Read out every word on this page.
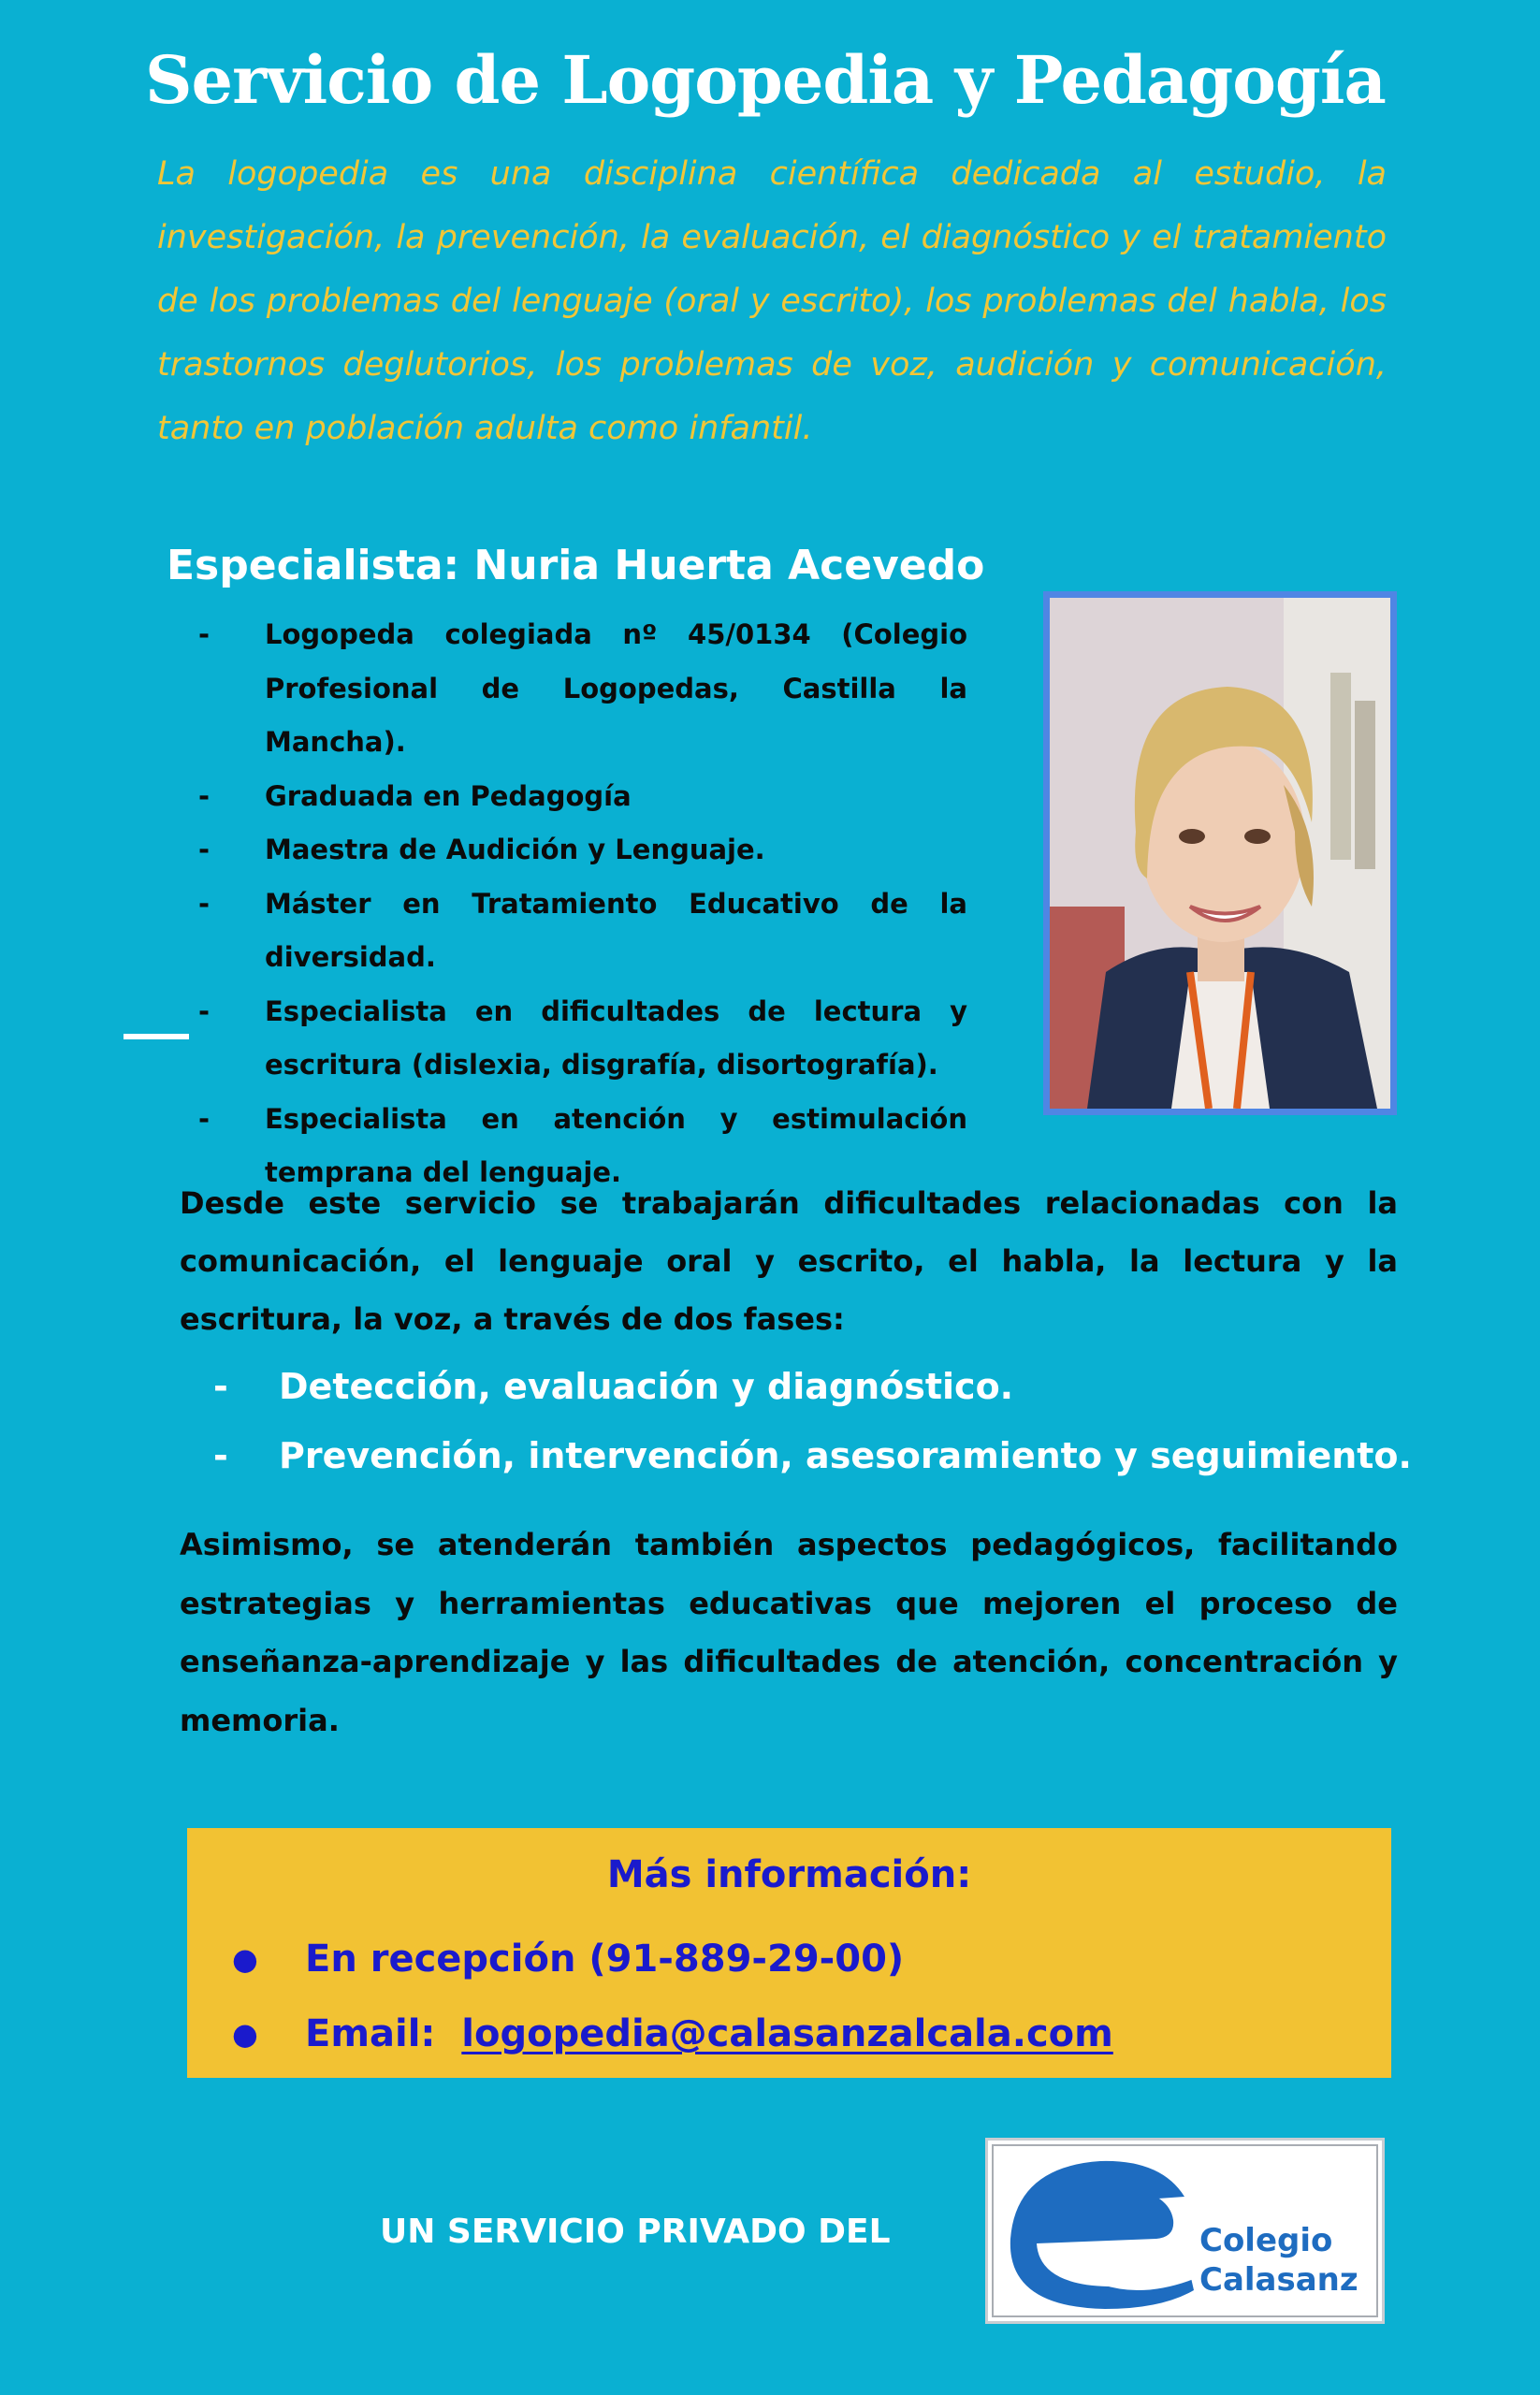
Servicio de Logopedia y Pedagogía

La logopedia es una disciplina científica dedicada al estudio, la investigación, la prevención, la evaluación, el diagnóstico y el tratamiento de los problemas del lenguaje (oral y escrito), los problemas del habla, los trastornos deglutorios, los problemas de voz, audición y comunicación, tanto en población adulta como infantil.

Especialista: Nuria Huerta Acevedo
- Logopeda colegiada nº 45/0134 (Colegio Profesional de Logopedas, Castilla la Mancha).
- Graduada en Pedagogía
- Maestra de Audición y Lenguaje.
- Máster en Tratamiento Educativo de la diversidad.
- Especialista en dificultades de lectura y escritura (dislexia, disgrafía, disortografía).
- Especialista en atención y estimulación temprana del lenguaje.

Desde este servicio se trabajarán dificultades relacionadas con la comunicación, el lenguaje oral y escrito, el habla, la lectura y la escritura, la voz, a través de dos fases:

- Detección, evaluación y diagnóstico.
- Prevención, intervención, asesoramiento y seguimiento.

Asimismo, se atenderán también aspectos pedagógicos, facilitando estrategias y herramientas educativas que mejoren el proceso de enseñanza-aprendizaje y las dificultades de atención, concentración y memoria.

Más información:
● En recepción (91-889-29-00)
● Email: logopedia@calasanzalcala.com

UN SERVICIO PRIVADO DEL	Colegio
Calasanz
